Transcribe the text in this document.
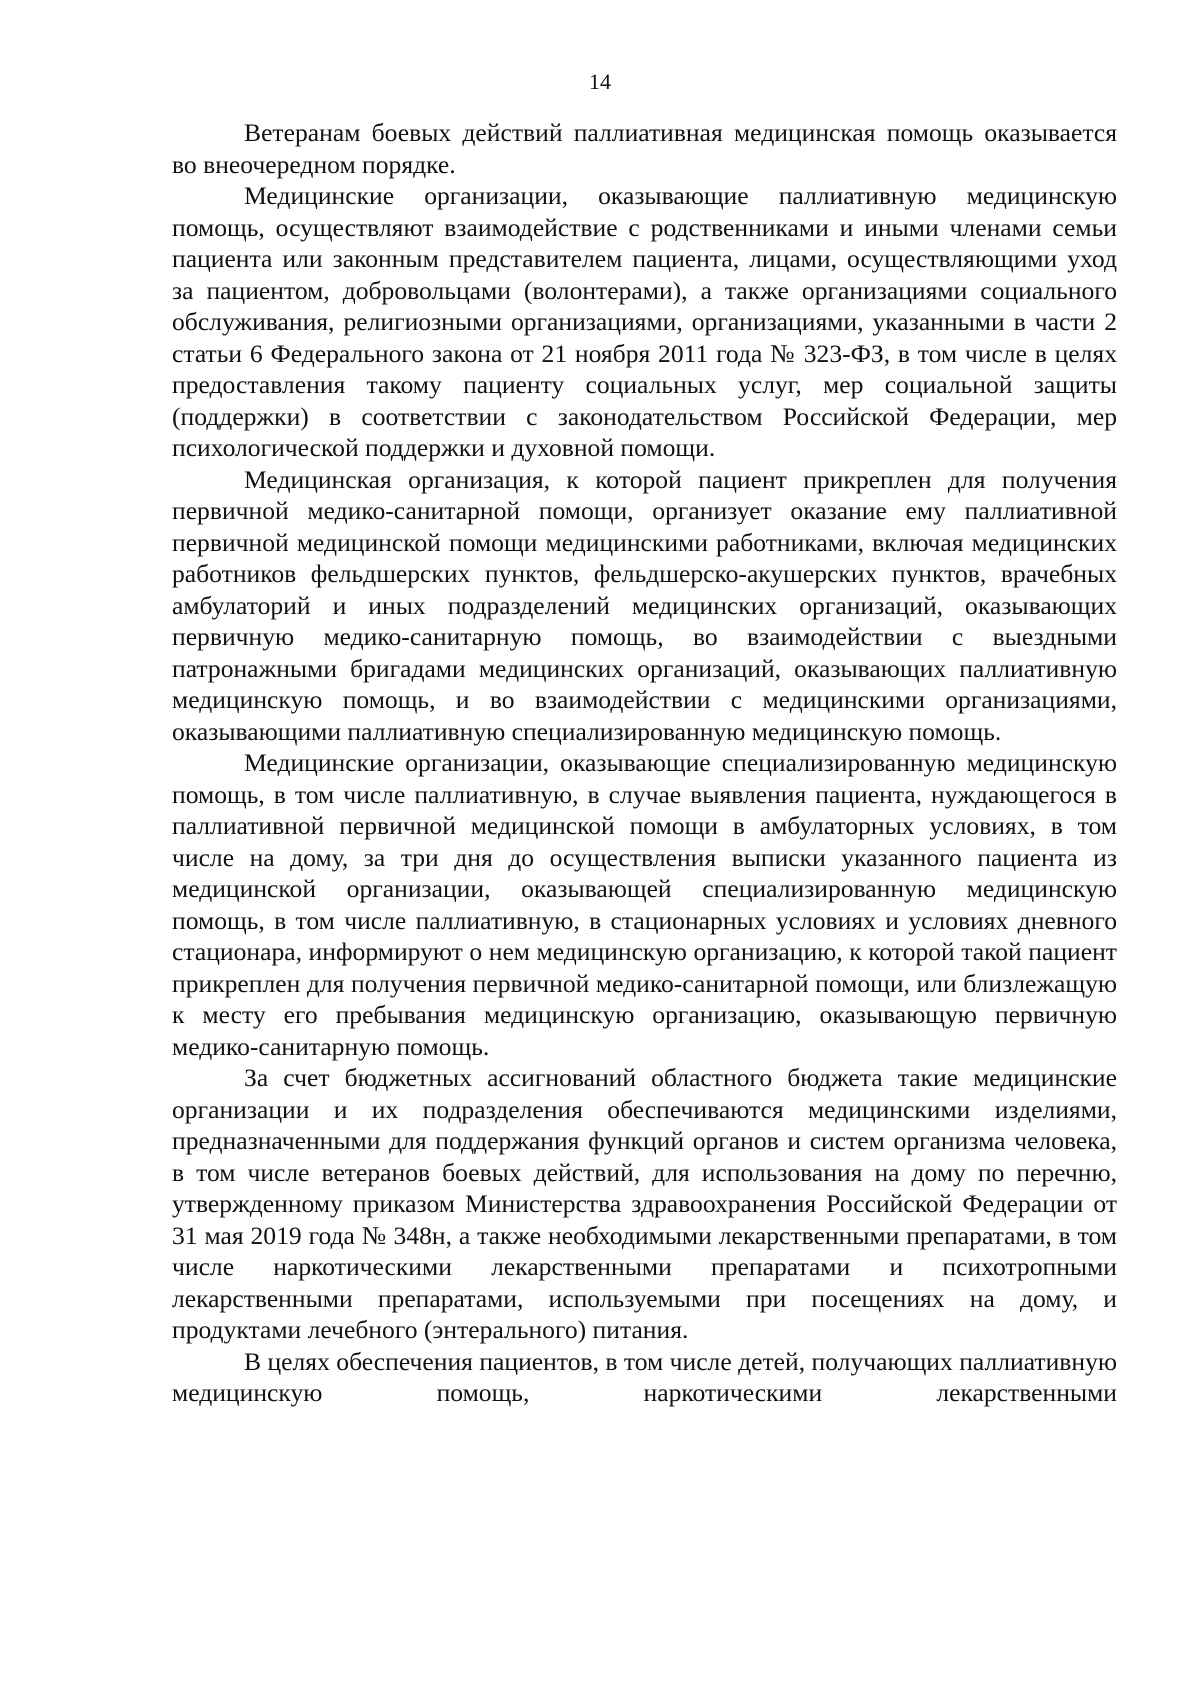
14

Ветеранам боевых действий паллиативная медицинская помощь оказывается во внеочередном порядке.

Медицинские организации, оказывающие паллиативную медицинскую помощь, осуществляют взаимодействие с родственниками и иными членами семьи пациента или законным представителем пациента, лицами, осуществляющими уход за пациентом, добровольцами (волонтерами), а также организациями социального обслуживания, религиозными организациями, организациями, указанными в части 2 статьи 6 Федерального закона от 21 ноября 2011 года № 323-ФЗ, в том числе в целях предоставления такому пациенту социальных услуг, мер социальной защиты (поддержки) в соответствии с законодательством Российской Федерации, мер психологической поддержки и духовной помощи.

Медицинская организация, к которой пациент прикреплен для получения первичной медико-санитарной помощи, организует оказание ему паллиативной первичной медицинской помощи медицинскими работниками, включая медицинских работников фельдшерских пунктов, фельдшерско-акушерских пунктов, врачебных амбулаторий и иных подразделений медицинских организаций, оказывающих первичную медико-санитарную помощь, во взаимодействии с выездными патронажными бригадами медицинских организаций, оказывающих паллиативную медицинскую помощь, и во взаимодействии с медицинскими организациями, оказывающими паллиативную специализированную медицинскую помощь.

Медицинские организации, оказывающие специализированную медицинскую помощь, в том числе паллиативную, в случае выявления пациента, нуждающегося в паллиативной первичной медицинской помощи в амбулаторных условиях, в том числе на дому, за три дня до осуществления выписки указанного пациента из медицинской организации, оказывающей специализированную медицинскую помощь, в том числе паллиативную, в стационарных условиях и условиях дневного стационара, информируют о нем медицинскую организацию, к которой такой пациент прикреплен для получения первичной медико-санитарной помощи, или близлежащую к месту его пребывания медицинскую организацию, оказывающую первичную медико-санитарную помощь.

За счет бюджетных ассигнований областного бюджета такие медицинские организации и их подразделения обеспечиваются медицинскими изделиями, предназначенными для поддержания функций органов и систем организма человека, в том числе ветеранов боевых действий, для использования на дому по перечню, утвержденному приказом Министерства здравоохранения Российской Федерации от 31 мая 2019 года № 348н, а также необходимыми лекарственными препаратами, в том числе наркотическими лекарственными препаратами и психотропными лекарственными препаратами, используемыми при посещениях на дому, и продуктами лечебного (энтерального) питания.

В целях обеспечения пациентов, в том числе детей, получающих паллиативную медицинскую помощь, наркотическими лекарственными
